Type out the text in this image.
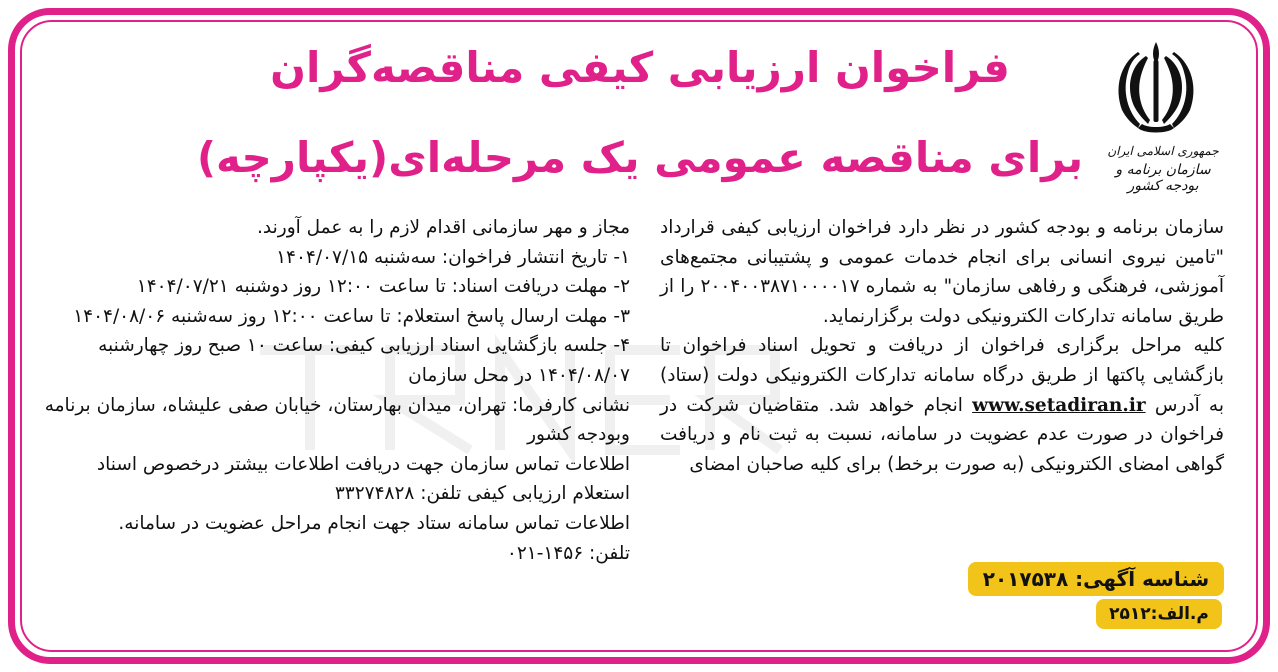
جمهوری اسلامی ایران
سازمان برنامه و بودجه کشور
فراخوان ارزیابی کیفی مناقصه‌گران
برای مناقصه عمومی یک مرحله‌ای(یکپارچه)

سازمان برنامه و بودجه کشور در نظر دارد فراخوان ارزیابی کیفی قرارداد "تامین نیروی انسانی برای انجام خدمات عمومی و پشتیبانی مجتمع‌های آموزشی، فرهنگی و رفاهی سازمان" به شماره ۲۰۰۴۰۰۳۸۷۱۰۰۰۰۱۷ را از طریق سامانه تدارکات الکترونیکی دولت برگزارنماید.

کلیه مراحل برگزاری فراخوان از دریافت و تحویل اسناد فراخوان تا بازگشایی پاکتها از طریق درگاه سامانه تدارکات الکترونیکی دولت (ستاد) به آدرس www.setadiran.ir انجام خواهد شد. متقاضیان شرکت در فراخوان در صورت عدم عضویت در سامانه، نسبت به ثبت نام و دریافت گواهی امضای الکترونیکی (به صورت برخط) برای کلیه صاحبان امضای

مجاز و مهر سازمانی اقدام لازم را به عمل آورند.

۱- تاریخ انتشار فراخوان: سه‌شنبه ۱۴۰۴/۰۷/۱۵

۲- مهلت دریافت اسناد: تا ساعت ۱۲:۰۰ روز دوشنبه ۱۴۰۴/۰۷/۲۱

۳- مهلت ارسال پاسخ استعلام: تا ساعت ۱۲:۰۰ روز سه‌شنبه ۱۴۰۴/۰۸/۰۶

۴- جلسه بازگشایی اسناد ارزیابی کیفی: ساعت ۱۰ صبح روز چهارشنبه ۱۴۰۴/۰۸/۰۷ در محل سازمان

نشانی کارفرما: تهران، میدان بهارستان، خیابان صفی علیشاه، سازمان برنامه وبودجه کشور

اطلاعات تماس سازمان جهت دریافت اطلاعات بیشتر درخصوص اسناد استعلام ارزیابی کیفی تلفن: ۳۳۲۷۴۸۲۸

اطلاعات تماس سامانه ستاد جهت انجام مراحل عضویت در سامانه.

تلفن: ۱۴۵۶-۰۲۱

شناسه آگهی: ۲۰۱۷۵۳۸
م.الف:۲۵۱۲
